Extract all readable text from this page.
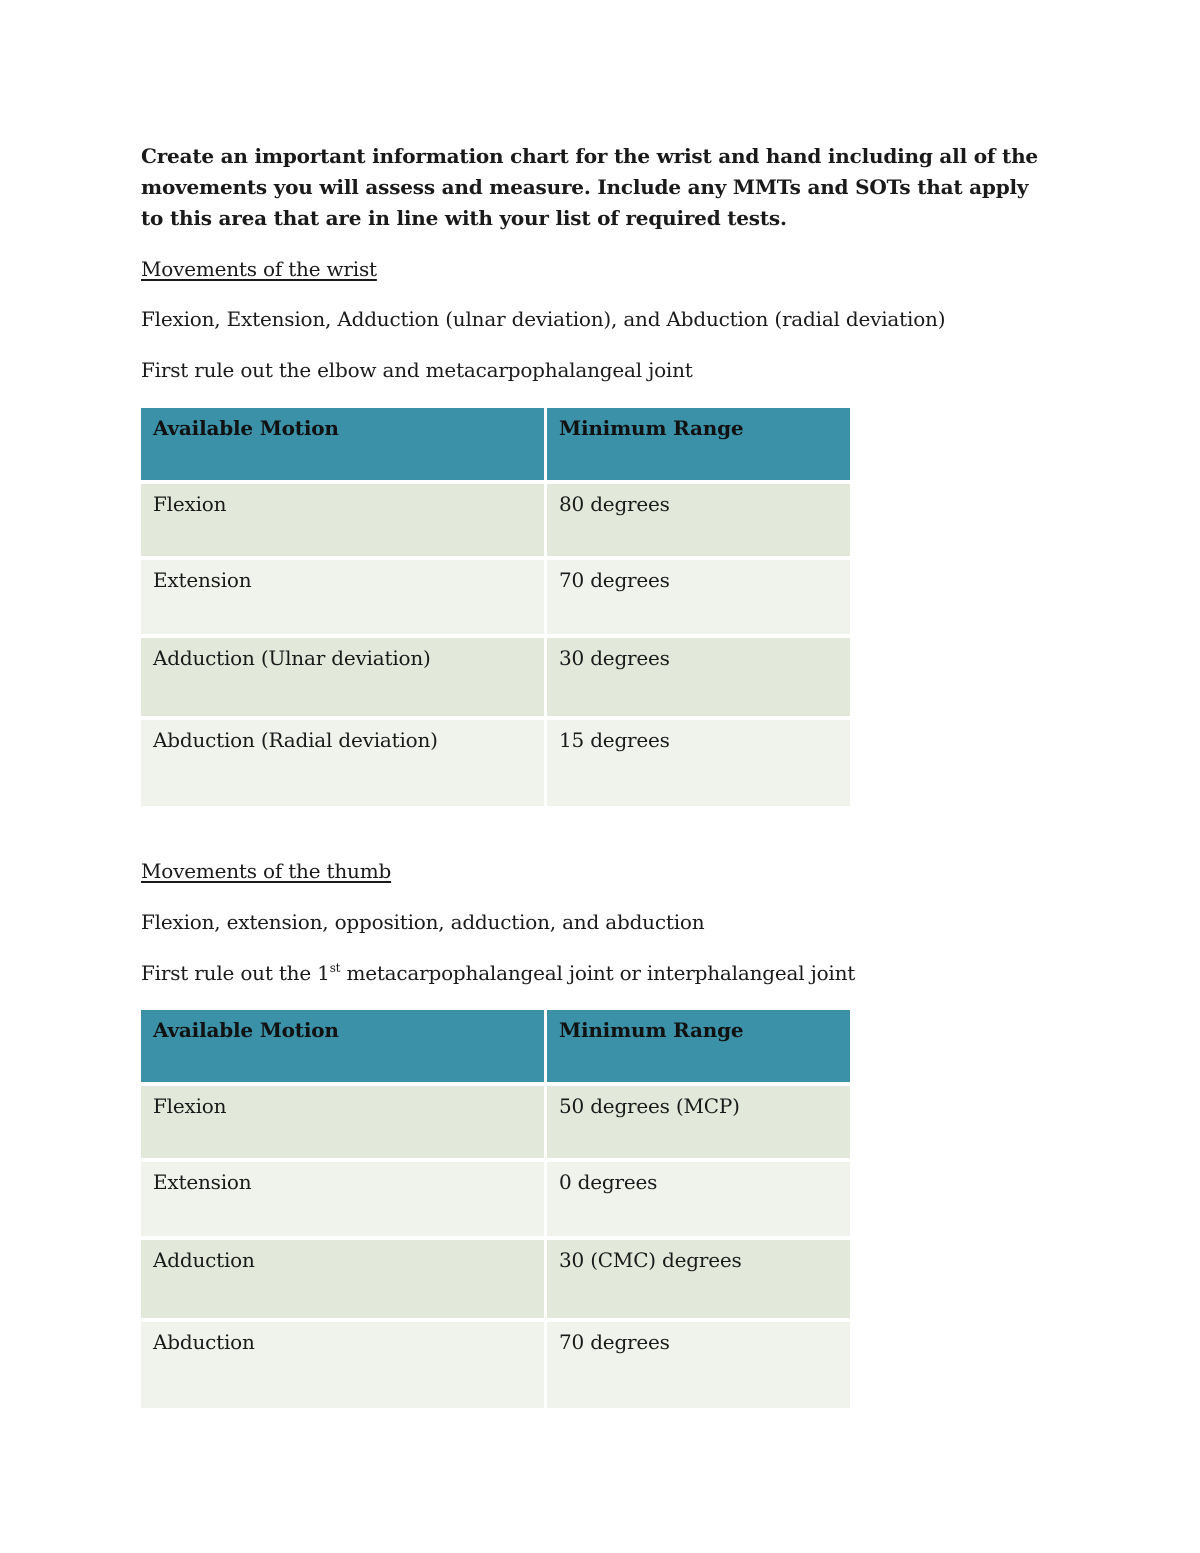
Create an important information chart for the wrist and hand including all of the movements you will assess and measure. Include any MMTs and SOTs that apply to this area that are in line with your list of required tests.
Movements of the wrist
Flexion, Extension, Adduction (ulnar deviation), and Abduction (radial deviation)
First rule out the elbow and metacarpophalangeal joint
Available Motion	Minimum Range
Flexion	80 degrees
Extension	70 degrees
Adduction (Ulnar deviation)	30 degrees
Abduction (Radial deviation)	15 degrees
Movements of the thumb
Flexion, extension, opposition, adduction, and abduction
First rule out the 1st metacarpophalangeal joint or interphalangeal joint
Available Motion	Minimum Range
Flexion	50 degrees (MCP)
Extension	0 degrees
Adduction	30 (CMC) degrees
Abduction	70 degrees
